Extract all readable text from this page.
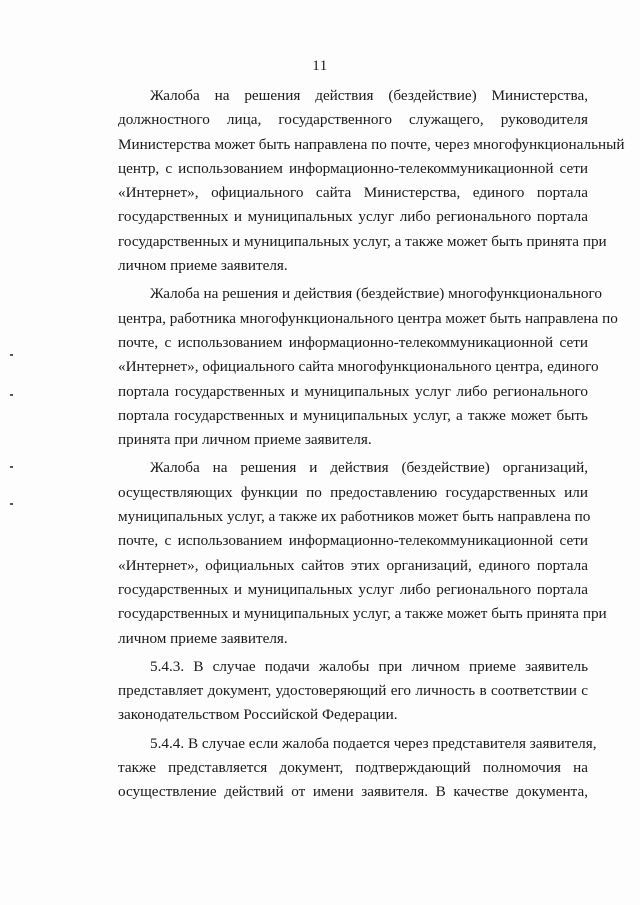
11
Жалоба на решения действия (бездействие) Министерства,
должностного лица, государственного служащего, руководителя
Министерства может быть направлена по почте, через многофункциональный
центр, с использованием информационно-телекоммуникационной сети
«Интернет», официального сайта Министерства, единого портала
государственных и муниципальных услуг либо регионального портала
государственных и муниципальных услуг, а также может быть принята при
личном приеме заявителя.
Жалоба на решения и действия (бездействие) многофункционального
центра, работника многофункционального центра может быть направлена по
почте, с использованием информационно-телекоммуникационной сети
«Интернет», официального сайта многофункционального центра, единого
портала государственных и муниципальных услуг либо регионального
портала государственных и муниципальных услуг, а также может быть
принята при личном приеме заявителя.
Жалоба на решения и действия (бездействие) организаций,
осуществляющих функции по предоставлению государственных или
муниципальных услуг, а также их работников может быть направлена по
почте, с использованием информационно-телекоммуникационной сети
«Интернет», официальных сайтов этих организаций, единого портала
государственных и муниципальных услуг либо регионального портала
государственных и муниципальных услуг, а также может быть принята при
личном приеме заявителя.
5.4.3. В случае подачи жалобы при личном приеме заявитель
представляет документ, удостоверяющий его личность в соответствии с
законодательством Российской Федерации.
5.4.4. В случае если жалоба подается через представителя заявителя,
также представляется документ, подтверждающий полномочия на
осуществление действий от имени заявителя. В качестве документа,
